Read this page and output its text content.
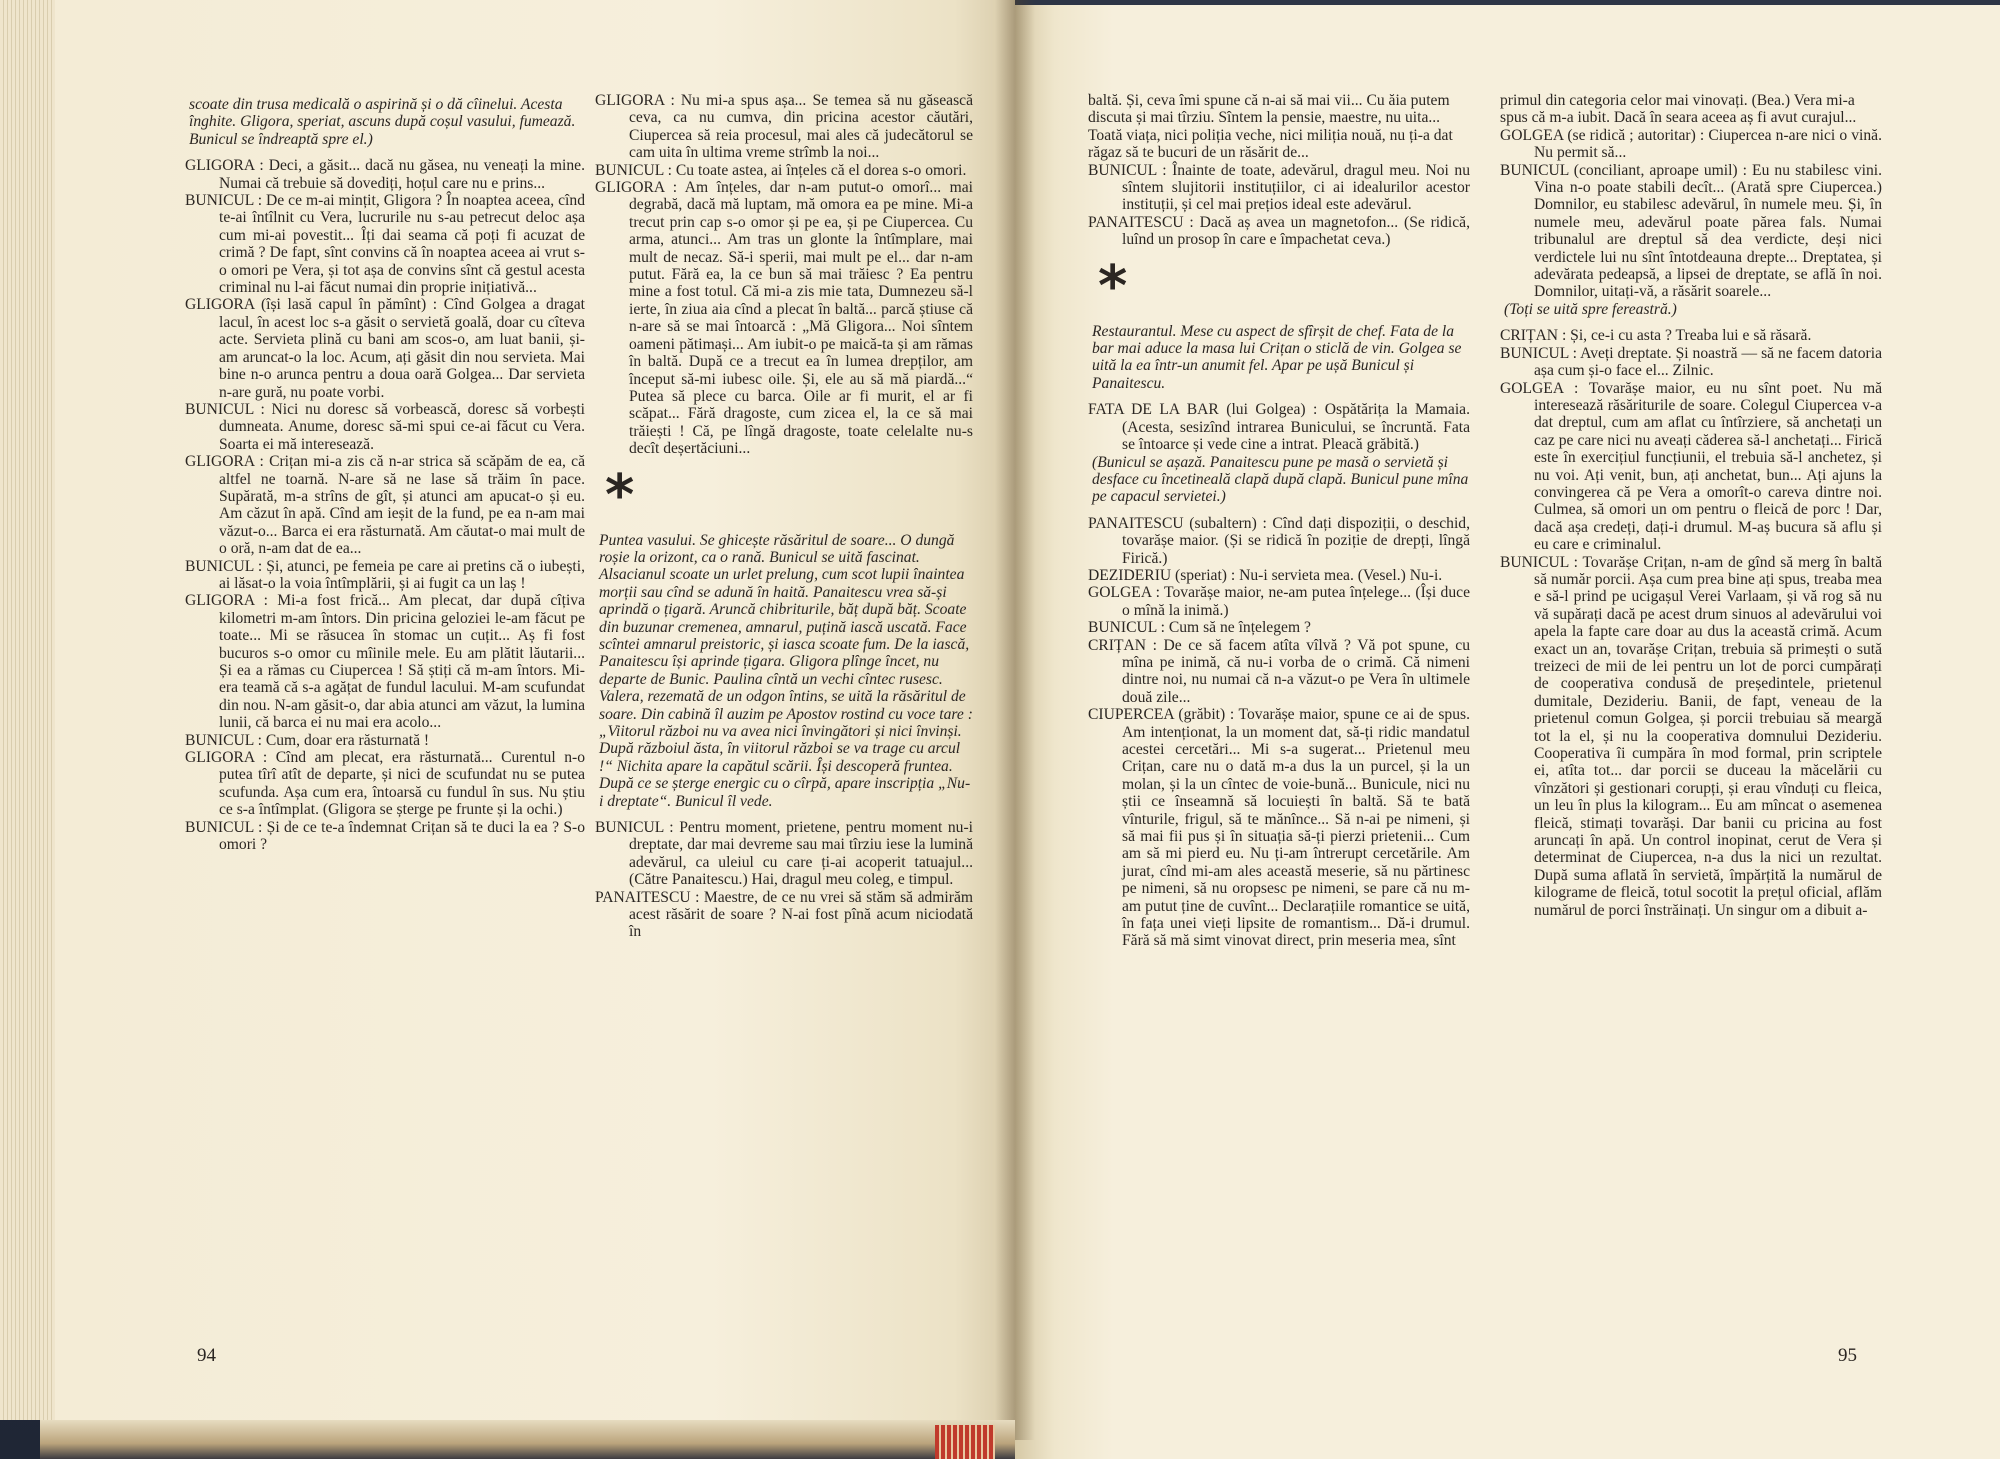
scoate din trusa medicală o aspirină și o dă cîinelui. Acesta înghite. Gligora, speriat, ascuns după coșul vasului, fumează. Bunicul se îndreaptă spre el.)

GLIGORA : Deci, a găsit... dacă nu găsea, nu veneați la mine. Numai că trebuie să dovediți, hoțul care nu e prins...

BUNICUL : De ce m-ai mințit, Gligora ? În noaptea aceea, cînd te-ai întîlnit cu Vera, lucrurile nu s-au petrecut deloc așa cum mi-ai povestit... Îți dai seama că poți fi acuzat de crimă ? De fapt, sînt convins că în noaptea aceea ai vrut s-o omori pe Vera, și tot așa de convins sînt că gestul acesta criminal nu l-ai făcut numai din proprie inițiativă...

GLIGORA (își lasă capul în pămînt) : Cînd Golgea a dragat lacul, în acest loc s-a găsit o servietă goală, doar cu cîteva acte. Servieta plină cu bani am scos-o, am luat banii, și-am aruncat-o la loc. Acum, ați găsit din nou servieta. Mai bine n-o arunca pentru a doua oară Golgea... Dar servieta n-are gură, nu poate vorbi.

BUNICUL : Nici nu doresc să vorbească, doresc să vorbești dumneata. Anume, doresc să-mi spui ce-ai făcut cu Vera. Soarta ei mă interesează.

GLIGORA : Crițan mi-a zis că n-ar strica să scăpăm de ea, că altfel ne toarnă. N-are să ne lase să trăim în pace. Supărată, m-a strîns de gît, și atunci am apucat-o și eu. Am căzut în apă. Cînd am ieșit de la fund, pe ea n-am mai văzut-o... Barca ei era răsturnată. Am căutat-o mai mult de o oră, n-am dat de ea...

BUNICUL : Și, atunci, pe femeia pe care ai pretins că o iubești, ai lăsat-o la voia întîmplării, și ai fugit ca un laș !

GLIGORA : Mi-a fost frică... Am plecat, dar după cîțiva kilometri m-am întors. Din pricina geloziei le-am făcut pe toate... Mi se răsucea în stomac un cuțit... Aș fi fost bucuros s-o omor cu mîinile mele. Eu am plătit lăutarii... Și ea a rămas cu Ciupercea ! Să știți că m-am întors. Mi-era teamă că s-a agățat de fundul lacului. M-am scufundat din nou. N-am găsit-o, dar abia atunci am văzut, la lumina lunii, că barca ei nu mai era acolo...

BUNICUL : Cum, doar era răsturnată !

GLIGORA : Cînd am plecat, era răsturnată... Curentul n-o putea tîrî atît de departe, și nici de scufundat nu se putea scufunda. Așa cum era, întoarsă cu fundul în sus. Nu știu ce s-a întîmplat. (Gligora se șterge pe frunte și la ochi.)

BUNICUL : Și de ce te-a îndemnat Crițan să te duci la ea ? S-o omori ?

GLIGORA : Nu mi-a spus așa... Se temea să nu găsească ceva, ca nu cumva, din pricina acestor căutări, Ciupercea să reia procesul, mai ales că judecătorul se cam uita în ultima vreme strîmb la noi...

BUNICUL : Cu toate astea, ai înțeles că el dorea s-o omori.

GLIGORA : Am înțeles, dar n-am putut-o omorî... mai degrabă, dacă mă luptam, mă omora ea pe mine. Mi-a trecut prin cap s-o omor și pe ea, și pe Ciupercea. Cu arma, atunci... Am tras un glonte la întîmplare, mai mult de necaz. Să-i sperii, mai mult pe el... dar n-am putut. Fără ea, la ce bun să mai trăiesc ? Ea pentru mine a fost totul. Că mi-a zis mie tata, Dumnezeu să-l ierte, în ziua aia cînd a plecat în baltă... parcă știuse că n-are să se mai întoarcă : „Mă Gligora... Noi sîntem oameni pătimași... Am iubit-o pe maică-ta și am rămas în baltă. După ce a trecut ea în lumea drepților, am început să-mi iubesc oile. Și, ele au să mă piardă...“ Putea să plece cu barca. Oile ar fi murit, el ar fi scăpat... Fără dragoste, cum zicea el, la ce să mai trăiești ! Că, pe lîngă dragoste, toate celelalte nu-s decît deșertăciuni...

*

Puntea vasului. Se ghicește răsăritul de soare... O dungă roșie la orizont, ca o rană. Bunicul se uită fascinat. Alsacianul scoate un urlet prelung, cum scot lupii înaintea morții sau cînd se adună în haită. Panaitescu vrea să-și aprindă o țigară. Aruncă chibriturile, băț după băț. Scoate din buzunar cremenea, amnarul, puțină iască uscată. Face scîntei amnarul preistoric, și iasca scoate fum. De la iască, Panaitescu își aprinde țigara. Gligora plînge încet, nu departe de Bunic. Paulina cîntă un vechi cîntec rusesc. Valera, rezemată de un odgon întins, se uită la răsăritul de soare. Din cabină îl auzim pe Apostov rostind cu voce tare : „Viitorul război nu va avea nici învingători și nici învinși. După războiul ăsta, în viitorul război se va trage cu arcul !“ Nichita apare la capătul scării. Își descoperă fruntea. După ce se șterge energic cu o cîrpă, apare inscripția „Nu-i dreptate“. Bunicul îl vede.

BUNICUL : Pentru moment, prietene, pentru moment nu-i dreptate, dar mai devreme sau mai tîrziu iese la lumină adevărul, ca uleiul cu care ți-ai acoperit tatuajul... (Către Panaitescu.) Hai, dragul meu coleg, e timpul.

PANAITESCU : Maestre, de ce nu vrei să stăm să admirăm acest răsărit de soare ? N-ai fost pînă acum niciodată în

baltă. Și, ceva îmi spune că n-ai să mai vii... Cu ăia putem discuta și mai tîrziu. Sîntem la pensie, maestre, nu uita... Toată viața, nici poliția veche, nici miliția nouă, nu ți-a dat răgaz să te bucuri de un răsărit de...

BUNICUL : Înainte de toate, adevărul, dragul meu. Noi nu sîntem slujitorii instituțiilor, ci ai idealurilor acestor instituții, și cel mai prețios ideal este adevărul.

PANAITESCU : Dacă aș avea un magnetofon... (Se ridică, luînd un prosop în care e împachetat ceva.)

*

Restaurantul. Mese cu aspect de sfîrșit de chef. Fata de la bar mai aduce la masa lui Crițan o sticlă de vin. Golgea se uită la ea într-un anumit fel. Apar pe ușă Bunicul și Panaitescu.

FATA DE LA BAR (lui Golgea) : Ospătărița la Mamaia. (Acesta, sesizînd intrarea Bunicului, se încruntă. Fata se întoarce și vede cine a intrat. Pleacă grăbită.)

(Bunicul se așază. Panaitescu pune pe masă o servietă și desface cu încetineală clapă după clapă. Bunicul pune mîna pe capacul servietei.)

PANAITESCU (subaltern) : Cînd dați dispoziții, o deschid, tovarășe maior. (Și se ridică în poziție de drepți, lîngă Firică.)

DEZIDERIU (speriat) : Nu-i servieta mea. (Vesel.) Nu-i.

GOLGEA : Tovarășe maior, ne-am putea înțelege... (Își duce o mînă la inimă.)

BUNICUL : Cum să ne înțelegem ?

CRIȚAN : De ce să facem atîta vîlvă ? Vă pot spune, cu mîna pe inimă, că nu-i vorba de o crimă. Că nimeni dintre noi, nu numai că n-a văzut-o pe Vera în ultimele două zile...

CIUPERCEA (grăbit) : Tovarășe maior, spune ce ai de spus. Am intenționat, la un moment dat, să-ți ridic mandatul acestei cercetări... Mi s-a sugerat... Prietenul meu Crițan, care nu o dată m-a dus la un purcel, și la un molan, și la un cîntec de voie-bună... Bunicule, nici nu știi ce înseamnă să locuiești în baltă. Să te bată vînturile, frigul, să te mănînce... Să n-ai pe nimeni, și să mai fii pus și în situația să-ți pierzi prietenii... Cum am să mi pierd eu. Nu ți-am întrerupt cercetările. Am jurat, cînd mi-am ales această meserie, să nu părtinesc pe nimeni, să nu oropsesc pe nimeni, se pare că nu m-am putut ține de cuvînt... Declarațiile romantice se uită, în fața unei vieți lipsite de romantism... Dă-i drumul. Fără să mă simt vinovat direct, prin meseria mea, sînt

primul din categoria celor mai vinovați. (Bea.) Vera mi-a spus că m-a iubit. Dacă în seara aceea aș fi avut curajul...

GOLGEA (se ridică ; autoritar) : Ciupercea n-are nici o vină. Nu permit să...

BUNICUL (conciliant, aproape umil) : Eu nu stabilesc vini. Vina n-o poate stabili decît... (Arată spre Ciupercea.) Domnilor, eu stabilesc adevărul, în numele meu. Și, în numele meu, adevărul poate părea fals. Numai tribunalul are dreptul să dea verdicte, deși nici verdictele lui nu sînt întotdeauna drepte... Dreptatea, și adevărata pedeapsă, a lipsei de dreptate, se află în noi. Domnilor, uitați-vă, a răsărit soarele...

(Toți se uită spre fereastră.)

CRIȚAN : Și, ce-i cu asta ? Treaba lui e să răsară.

BUNICUL : Aveți dreptate. Și noastră — să ne facem datoria așa cum și-o face el... Zilnic.

GOLGEA : Tovarășe maior, eu nu sînt poet. Nu mă interesează răsăriturile de soare. Colegul Ciupercea v-a dat dreptul, cum am aflat cu întîrziere, să anchetați un caz pe care nici nu aveați căderea să-l anchetați... Firică este în exercițiul funcțiunii, el trebuia să-l anchetez, și nu voi. Ați venit, bun, ați anchetat, bun... Ați ajuns la convingerea că pe Vera a omorît-o careva dintre noi. Culmea, să omori un om pentru o fleică de porc ! Dar, dacă așa credeți, dați-i drumul. M-aș bucura să aflu și eu care e criminalul.

BUNICUL : Tovarășe Crițan, n-am de gînd să merg în baltă să număr porcii. Așa cum prea bine ați spus, treaba mea e să-l prind pe ucigașul Verei Varlaam, și vă rog să nu vă supărați dacă pe acest drum sinuos al adevărului voi apela la fapte care doar au dus la această crimă. Acum exact un an, tovarășe Crițan, trebuia să primești o sută treizeci de mii de lei pentru un lot de porci cumpărați de cooperativa condusă de președintele, prietenul dumitale, Dezideriu. Banii, de fapt, veneau de la prietenul comun Golgea, și porcii trebuiau să meargă tot la el, și nu la cooperativa domnului Dezideriu. Cooperativa îi cumpăra în mod formal, prin scriptele ei, atîta tot... dar porcii se duceau la măcelării cu vînzători și gestionari corupți, și erau vînduți cu fleica, un leu în plus la kilogram... Eu am mîncat o asemenea fleică, stimați tovarăși. Dar banii cu pricina au fost aruncați în apă. Un control inopinat, cerut de Vera și determinat de Ciupercea, n-a dus la nici un rezultat. După suma aflată în servietă, împărțită la numărul de kilograme de fleică, totul socotit la prețul oficial, aflăm numărul de porci înstrăinați. Un singur om a dibuit a-

94	95
